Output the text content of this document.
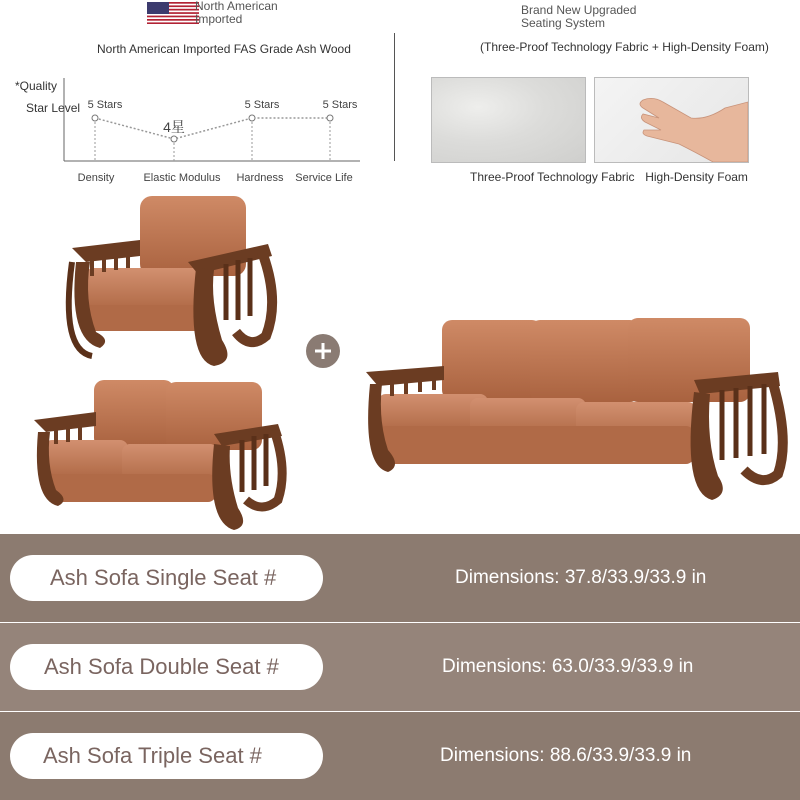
North American Imported
North American Imported FAS Grade Ash Wood
Brand New Upgraded
Seating System
(Three-Proof Technology Fabric + High-Density Foam)
*Quality
Star Level 5 Stars
4星
5 Stars	5 Stars
Density	Elastic Modulus Hardness Service Life	Three-Proof Technology Fabric High-Density Foam
Ash Sofa Single Seat #	Dimensions: 37.8/33.9/33.9 in
Ash Sofa Double Seat #	Dimensions: 63.0/33.9/33.9 in
Ash Sofa Triple Seat #	Dimensions: 88.6/33.9/33.9 in
